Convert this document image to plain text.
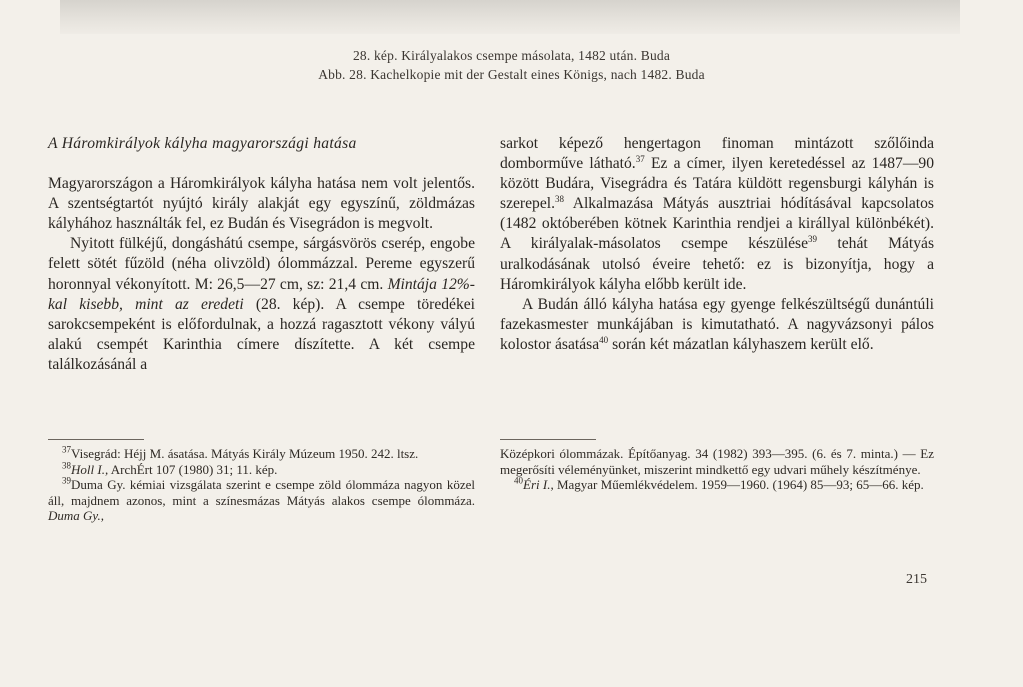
28. kép. Királyalakos csempe másolata, 1482 után. Buda
Abb. 28. Kachelkopie mit der Gestalt eines Königs, nach 1482. Buda

A Háromkirályok kályha magyarországi hatása

Magyarországon a Háromkirályok kályha hatása nem volt jelentős. A szentségtartót nyújtó király alakját egy egyszínű, zöldmázas kályhához használták fel, ez Budán és Visegrádon is megvolt.

Nyitott fülkéjű, dongáshátú csempe, sárgásvörös cserép, engobe felett sötét fűzöld (néha olivzöld) ólommázzal. Pereme egyszerű horonnyal vékonyított. M: 26,5—27 cm, sz: 21,4 cm. Mintája 12%-kal kisebb, mint az eredeti (28. kép). A csempe töredékei sarokcsempeként is előfordulnak, a hozzá ragasztott vékony vályú alakú csempét Karinthia címere díszítette. A két csempe találkozásánál a

sarkot képező hengertagon finoman mintázott szőlőinda domborműve látható.$^{37}$ Ez a címer, ilyen keretedéssel az 1487—90 között Budára, Visegrádra és Tatára küldött regensburgi kályhán is szerepel.$^{38}$ Alkalmazása Mátyás ausztriai hódításával kapcsolatos (1482 októberében kötnek Karinthia rendjei a királlyal különbékét). A királyalak-másolatos csempe készülése$^{39}$ tehát Mátyás uralkodásának utolsó éveire tehető: ez is bizonyítja, hogy a Háromkirályok kályha előbb került ide.

A Budán álló kályha hatása egy gyenge felkészültségű dunántúli fazekasmester munkájában is kimutatható. A nagyvázsonyi pálos kolostor ásatása$^{40}$ során két mázatlan kályhaszem került elő.

$^{37}$Visegrád: Héjj M. ásatása. Mátyás Király Múzeum 1950. 242. ltsz.

$^{38}$Holl I., ArchÉrt 107 (1980) 31; 11. kép.

$^{39}$Duma Gy. kémiai vizsgálata szerint e csempe zöld ólommáza nagyon közel áll, majdnem azonos, mint a színesmázas Mátyás alakos csempe ólommáza. Duma Gy.,

Középkori ólommázak. Építőanyag. 34 (1982) 393—395. (6. és 7. minta.) — Ez megerősíti véleményünket, miszerint mindkettő egy udvari műhely készítménye.

$^{40}$Éri I., Magyar Műemlékvédelem. 1959—1960. (1964) 85—93; 65—66. kép.

215
